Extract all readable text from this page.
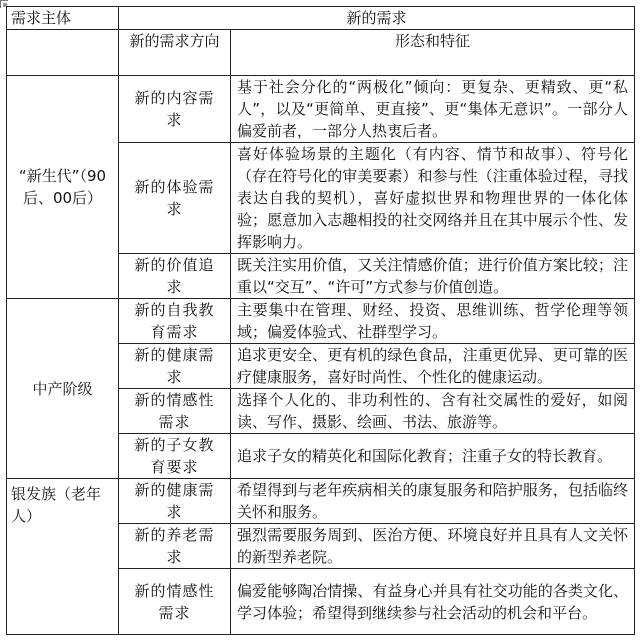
需求主体	新的需求	
	新的需求方向	形态和特征
“新生代”（90后、00后）	新的内容需求	基于社会分化的“两极化”倾向：更复杂、更精致、更“私人”，以及“更简单、更直接”、更“集体无意识”。一部分人偏爱前者，一部分人热衷后者。
	新的体验需求	喜好体验场景的主题化（有内容、情节和故事）、符号化（存在符号化的审美要素）和参与性（注重体验过程，寻找表达自我的契机），喜好虚拟世界和物理世界的一体化体验；愿意加入志趣相投的社交网络并且在其中展示个性、发挥影响力。
	新的价值追求	既关注实用价值，又关注情感价值；进行价值方案比较；注重以“交互”、“许可”方式参与价值创造。
中产阶级	新的自我教育需求	主要集中在管理、财经、投资、思维训练、哲学伦理等领域；偏爱体验式、社群型学习。
	新的健康需求	追求更安全、更有机的绿色食品，注重更优异、更可靠的医疗健康服务，喜好时尚性、个性化的健康运动。
	新的情感性需求	选择个人化的、非功利性的、含有社交属性的爱好，如阅读、写作、摄影、绘画、书法、旅游等。
	新的子女教育要求	追求子女的精英化和国际化教育；注重子女的特长教育。
银发族（老年人）	新的健康需求	希望得到与老年疾病相关的康复服务和陪护服务，包括临终关怀和服务。
	新的养老需求	强烈需要服务周到、医治方便、环境良好并且具有人文关怀的新型养老院。
	新的情感性需求	偏爱能够陶冶情操、有益身心并具有社交功能的各类文化、学习体验；希望得到继续参与社会活动的机会和平台。
